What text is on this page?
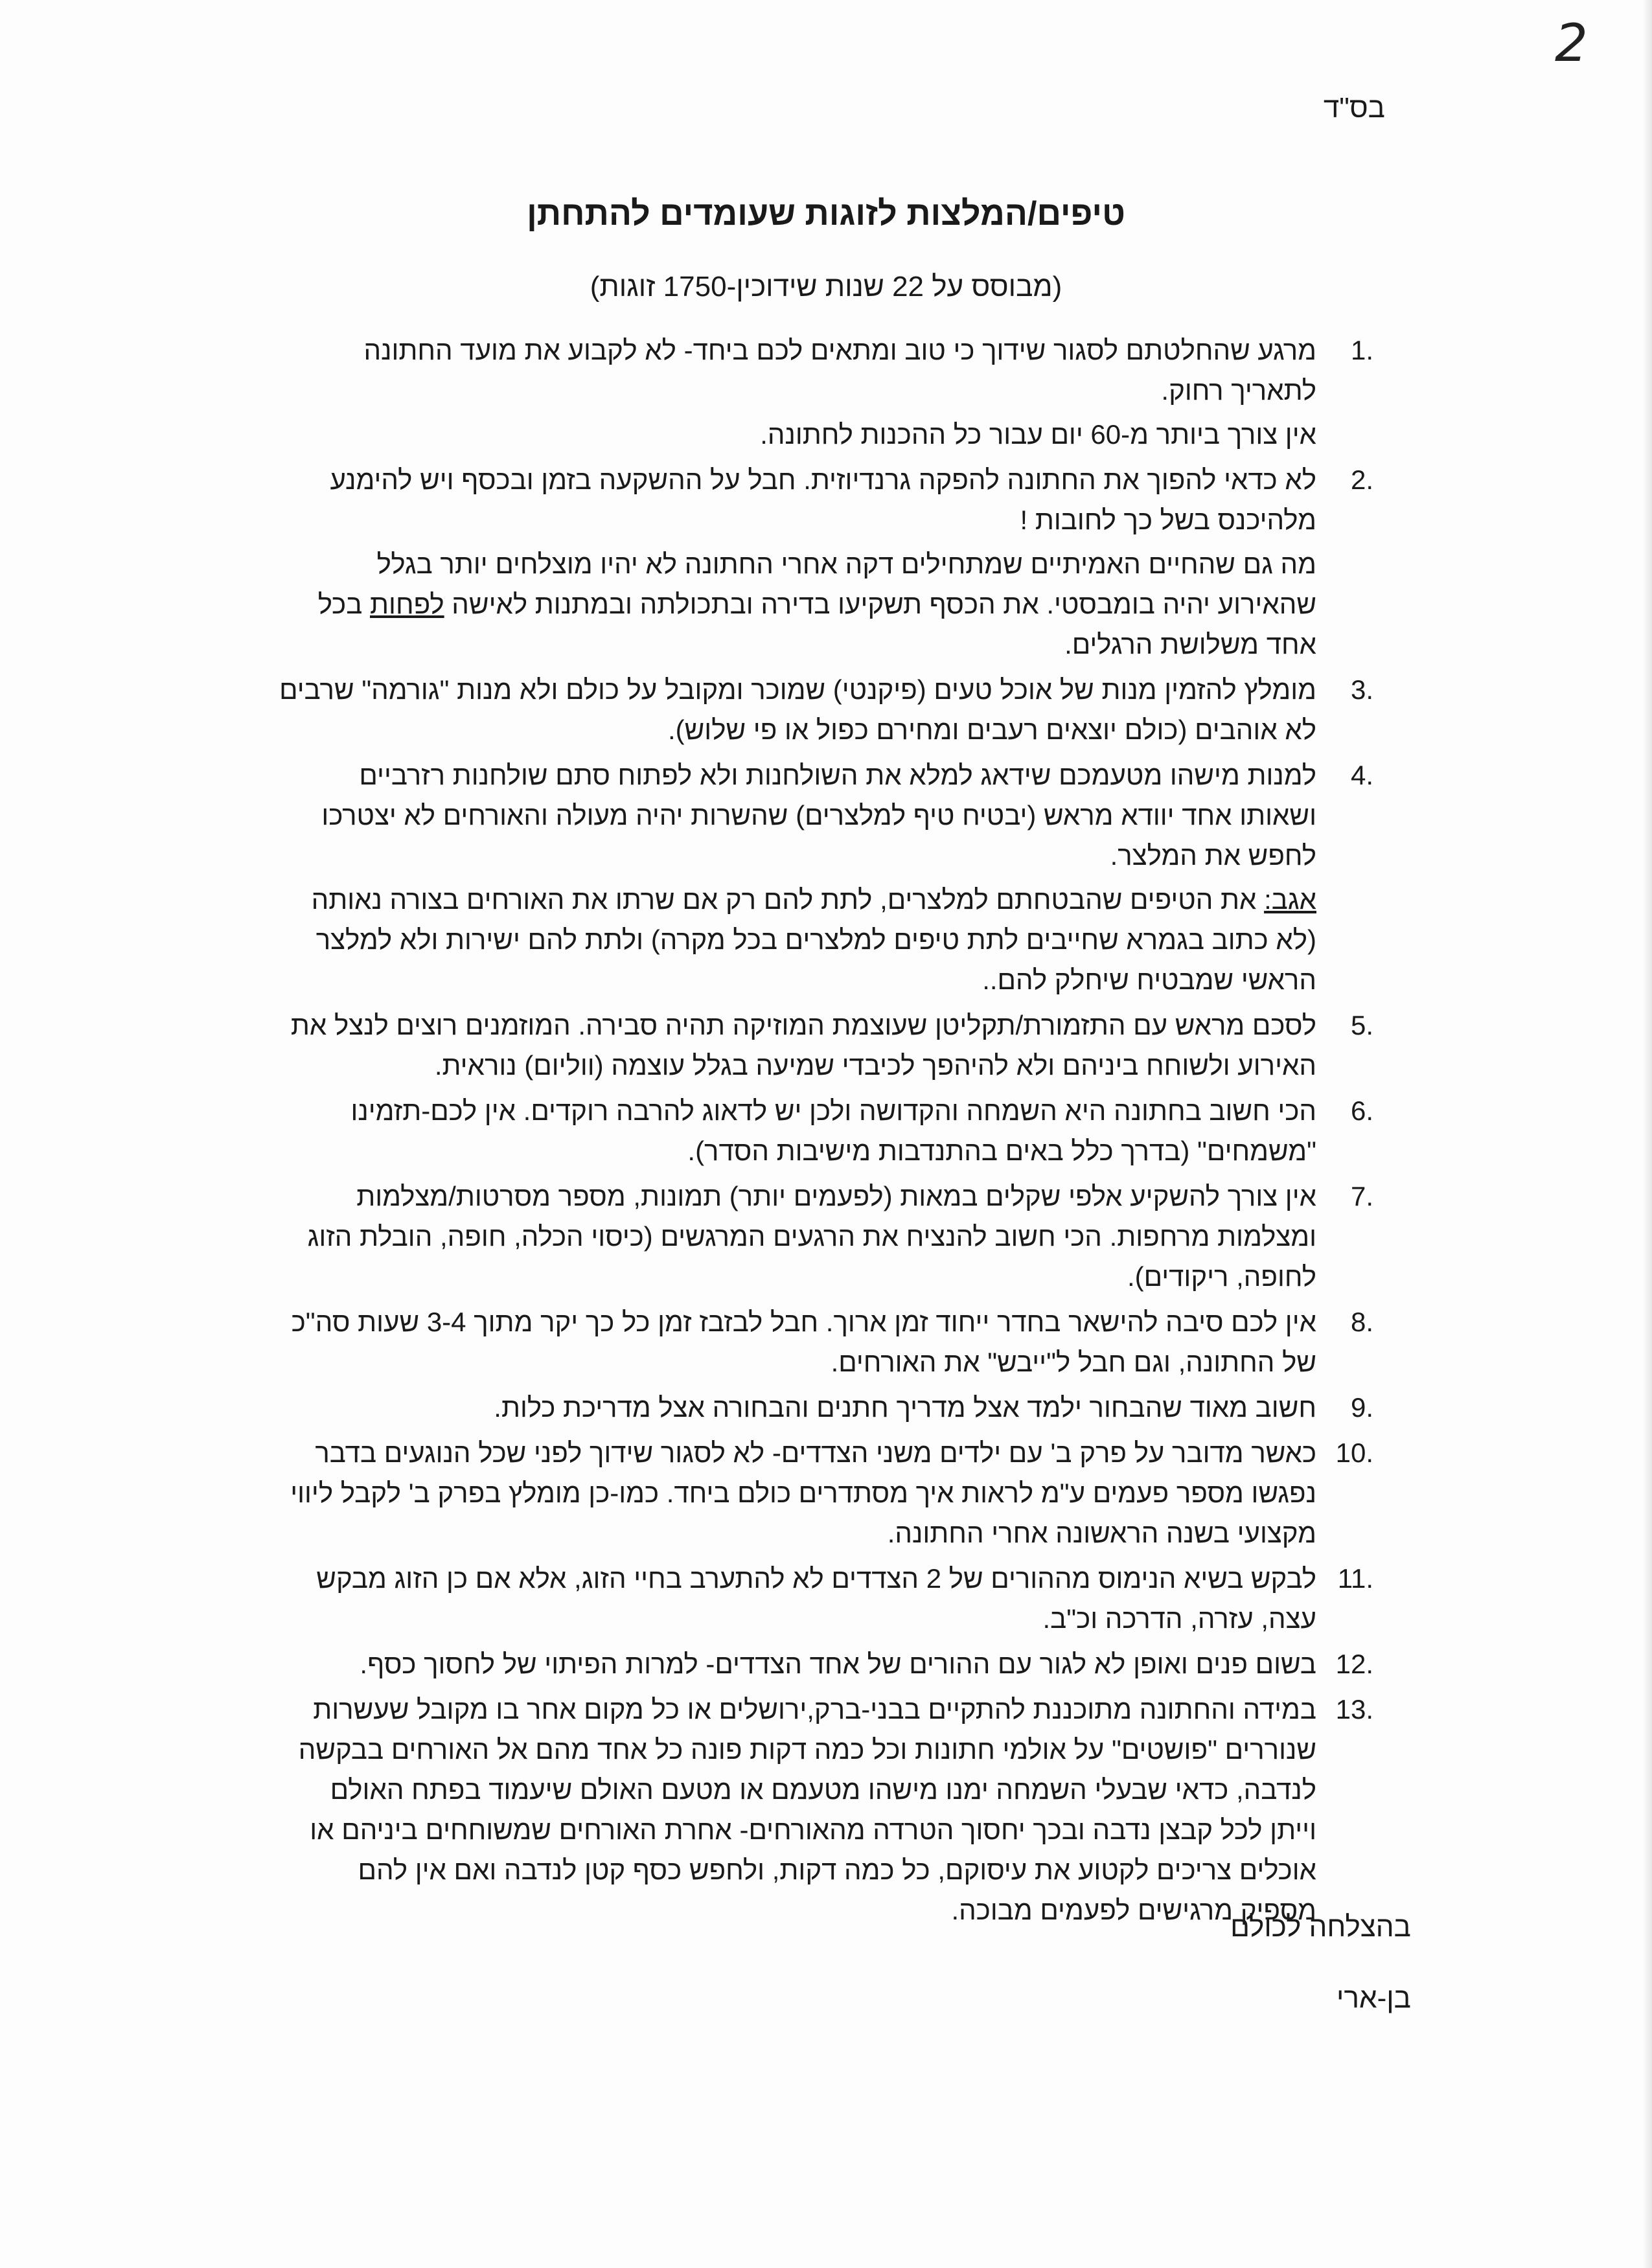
2
בס"ד
טיפים/המלצות לזוגות שעומדים להתחתן
(מבוסס על 22 שנות שידוכין-1750 זוגות)
1.

מרגע שהחלטתם לסגור שידוך כי טוב ומתאים לכם ביחד- לא לקבוע את מועד החתונה לתאריך רחוק.

אין צורך ביותר מ-60 יום עבור כל ההכנות לחתונה.

2.

לא כדאי להפוך את החתונה להפקה גרנדיוזית. חבל על ההשקעה בזמן ובכסף ויש להימנע מלהיכנס בשל כך לחובות !

מה גם שהחיים האמיתיים שמתחילים דקה אחרי החתונה לא יהיו מוצלחים יותר בגלל שהאירוע יהיה בומבסטי. את הכסף תשקיעו בדירה ובתכולתה ובמתנות לאישה לפחות בכל אחד משלושת הרגלים.

3.

מומלץ להזמין מנות של אוכל טעים (פיקנטי) שמוכר ומקובל על כולם ולא מנות "גורמה" שרבים לא אוהבים (כולם יוצאים רעבים ומחירם כפול או פי שלוש).

4.

למנות מישהו מטעמכם שידאג למלא את השולחנות ולא לפתוח סתם שולחנות רזרביים ושאותו אחד יוודא מראש (יבטיח טיף למלצרים) שהשרות יהיה מעולה והאורחים לא יצטרכו לחפש את המלצר.

אגב: את הטיפים שהבטחתם למלצרים, לתת להם רק אם שרתו את האורחים בצורה נאותה (לא כתוב בגמרא שחייבים לתת טיפים למלצרים בכל מקרה) ולתת להם ישירות ולא למלצר הראשי שמבטיח שיחלק להם..

5.

לסכם מראש עם התזמורת/תקליטן שעוצמת המוזיקה תהיה סבירה. המוזמנים רוצים לנצל את האירוע ולשוחח ביניהם ולא להיהפך לכיבדי שמיעה בגלל עוצמה (ווליום) נוראית.

6.

הכי חשוב בחתונה היא השמחה והקדושה ולכן יש לדאוג להרבה רוקדים. אין לכם-תזמינו "משמחים" (בדרך כלל באים בהתנדבות מישיבות הסדר).

7.

אין צורך להשקיע אלפי שקלים במאות (לפעמים יותר) תמונות, מספר מסרטות/מצלמות ומצלמות מרחפות. הכי חשוב להנציח את הרגעים המרגשים (כיסוי הכלה, חופה, הובלת הזוג לחופה, ריקודים).

8.

אין לכם סיבה להישאר בחדר ייחוד זמן ארוך. חבל לבזבז זמן כל כך יקר מתוך 3-4 שעות סה"כ של החתונה, וגם חבל ל"ייבש" את האורחים.

9.

חשוב מאוד שהבחור ילמד אצל מדריך חתנים והבחורה אצל מדריכת כלות.

10.

כאשר מדובר על פרק ב' עם ילדים משני הצדדים- לא לסגור שידוך לפני שכל הנוגעים בדבר נפגשו מספר פעמים ע"מ לראות איך מסתדרים כולם ביחד. כמו-כן מומלץ בפרק ב' לקבל ליווי מקצועי בשנה הראשונה אחרי החתונה.

11.

לבקש בשיא הנימוס מההורים של 2 הצדדים לא להתערב בחיי הזוג, אלא אם כן הזוג מבקש עצה, עזרה, הדרכה וכ"ב.

12.

בשום פנים ואופן לא לגור עם ההורים של אחד הצדדים- למרות הפיתוי של לחסוך כסף.

13.

במידה והחתונה מתוכננת להתקיים בבני-ברק,ירושלים או כל מקום אחר בו מקובל שעשרות שנוררים "פושטים" על אולמי חתונות וכל כמה דקות פונה כל אחד מהם אל האורחים בבקשה לנדבה, כדאי שבעלי השמחה ימנו מישהו מטעמם או מטעם האולם שיעמוד בפתח האולם וייתן לכל קבצן נדבה ובכך יחסוך הטרדה מהאורחים- אחרת האורחים שמשוחחים ביניהם או אוכלים צריכים לקטוע את עיסוקם, כל כמה דקות, ולחפש כסף קטן לנדבה ואם אין להם מספיק מרגישים לפעמים מבוכה.

בהצלחה לכולם
בן-ארי
